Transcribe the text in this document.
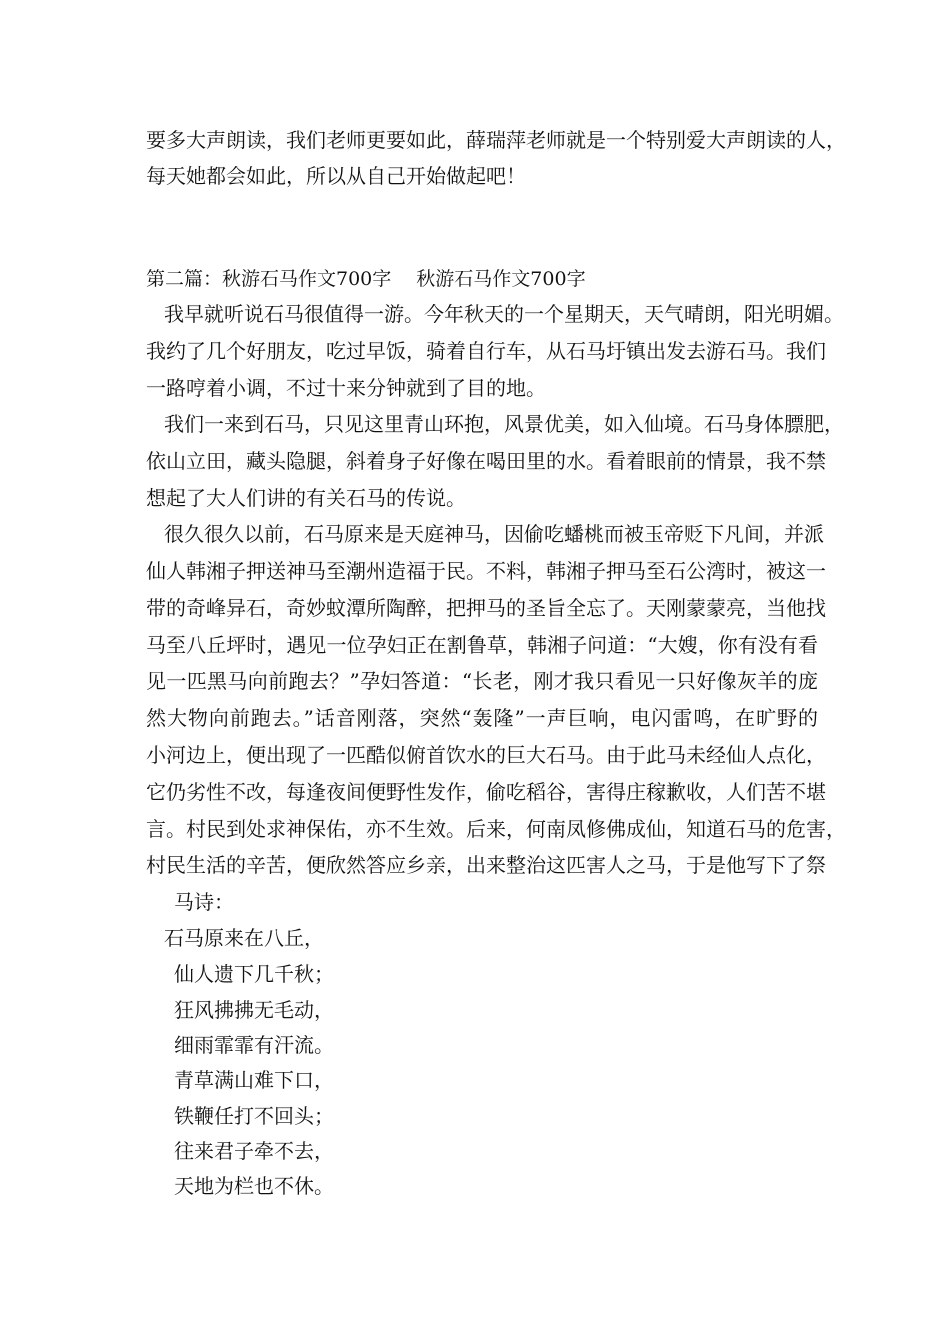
要多大声朗读，我们老师更要如此，薛瑞萍老师就是一个特别爱大声朗读的人，
每天她都会如此，所以从自己开始做起吧！
第二篇：秋游石马作文700字　 秋游石马作文700字
我早就听说石马很值得一游。今年秋天的一个星期天，天气晴朗，阳光明媚。
我约了几个好朋友，吃过早饭，骑着自行车，从石马圩镇出发去游石马。我们
一路哼着小调，不过十来分钟就到了目的地。
我们一来到石马，只见这里青山环抱，风景优美，如入仙境。石马身体膘肥，
依山立田，藏头隐腿，斜着身子好像在喝田里的水。看着眼前的情景，我不禁
想起了大人们讲的有关石马的传说。
很久很久以前，石马原来是天庭神马，因偷吃蟠桃而被玉帝贬下凡间，并派
仙人韩湘子押送神马至潮州造福于民。不料，韩湘子押马至石公湾时，被这一
带的奇峰异石，奇妙蚊潭所陶醉，把押马的圣旨全忘了。天刚蒙蒙亮，当他找
马至八丘坪时，遇见一位孕妇正在割鲁草，韩湘子问道：“大嫂，你有没有看
见一匹黑马向前跑去？”孕妇答道：“长老，刚才我只看见一只好像灰羊的庞
然大物向前跑去。”话音刚落，突然“轰隆”一声巨响，电闪雷鸣，在旷野的
小河边上，便出现了一匹酷似俯首饮水的巨大石马。由于此马未经仙人点化，
它仍劣性不改，每逢夜间便野性发作，偷吃稻谷，害得庄稼歉收，人们苦不堪
言。村民到处求神保佑，亦不生效。后来，何南凤修佛成仙，知道石马的危害，
村民生活的辛苦，便欣然答应乡亲，出来整治这匹害人之马，于是他写下了祭
马诗：
石马原来在八丘，
仙人遗下几千秋；
狂风拂拂无毛动，
细雨霏霏有汗流。
青草满山难下口，
铁鞭任打不回头；
往来君子牵不去，
天地为栏也不休。
